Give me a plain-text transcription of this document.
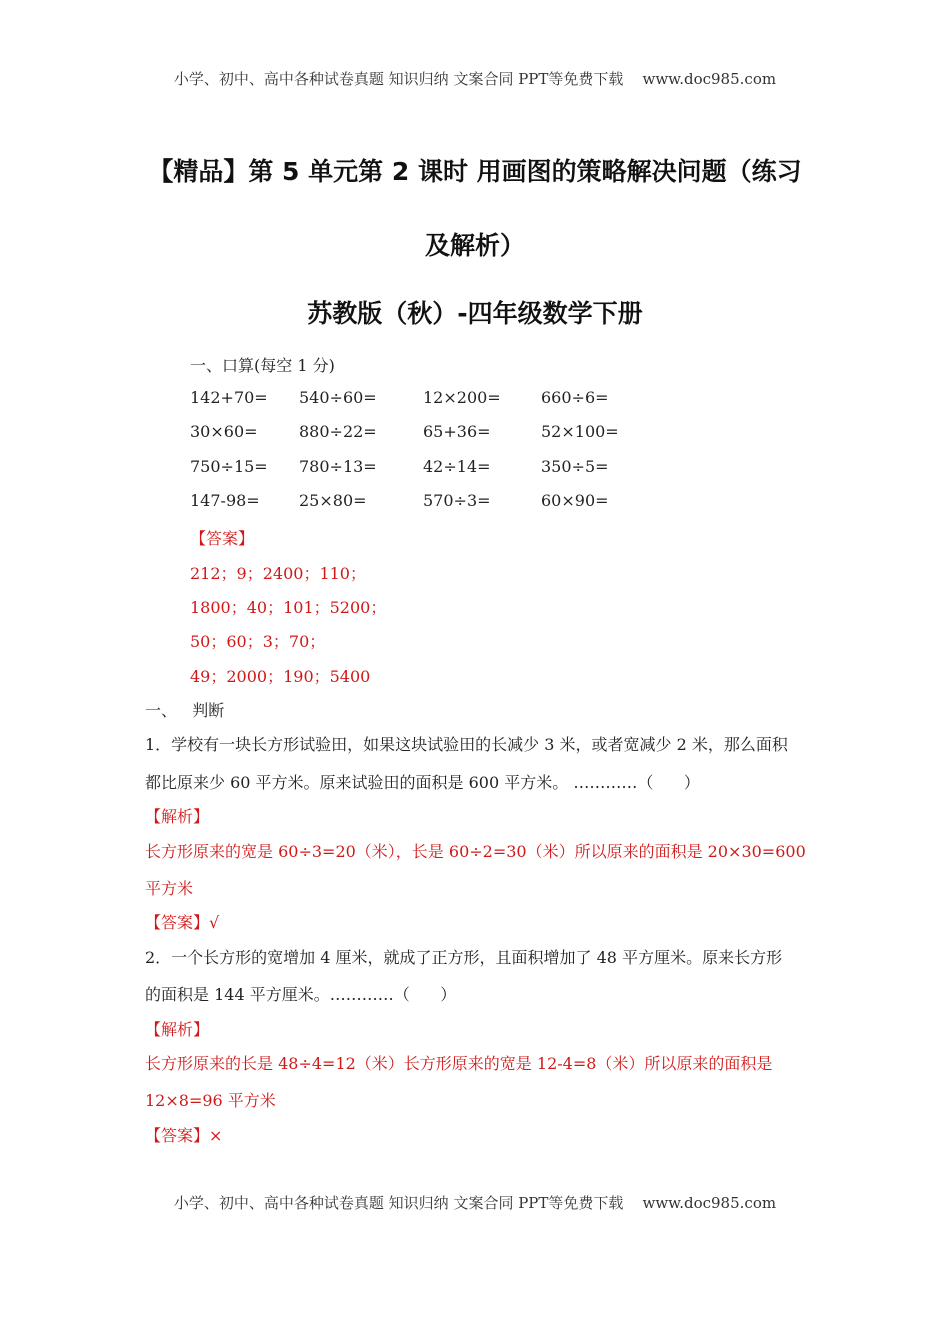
小学、初中、高中各种试卷真题 知识归纳 文案合同 PPT等免费下载    www.doc985.com
【精品】第 5 单元第 2 课时 用画图的策略解决问题（练习
及解析）
苏教版（秋）-四年级数学下册
一、口算(每空 1 分)
142+70= 540÷60=	12×200=	660÷6=
30×60=	880÷22=	65+36=	52×100=
750÷15= 780÷13=	42÷14=	350÷5=
147-98= 25×80=	570÷3=	60×90=
【答案】
212；9；2400；110；
1800；40；101；5200；
50；60；3；70；
49；2000；190；5400
一、   判断
1．学校有一块长方形试验田，如果这块试验田的长减少 3 米，或者宽减少 2 米，那么面积
都比原来少 60 平方米。原来试验田的面积是 600 平方米。 …………（      ）
【解析】
长方形原来的宽是 60÷3=20（米），长是 60÷2=30（米）所以原来的面积是 20×30=600
平方米
【答案】√
2．一个长方形的宽增加 4 厘米，就成了正方形，且面积增加了 48 平方厘米。原来长方形
的面积是 144 平方厘米。…………（      ）
【解析】
长方形原来的长是 48÷4=12（米）长方形原来的宽是 12-4=8（米）所以原来的面积是
12×8=96 平方米
【答案】×
小学、初中、高中各种试卷真题 知识归纳 文案合同 PPT等免费下载    www.doc985.com
